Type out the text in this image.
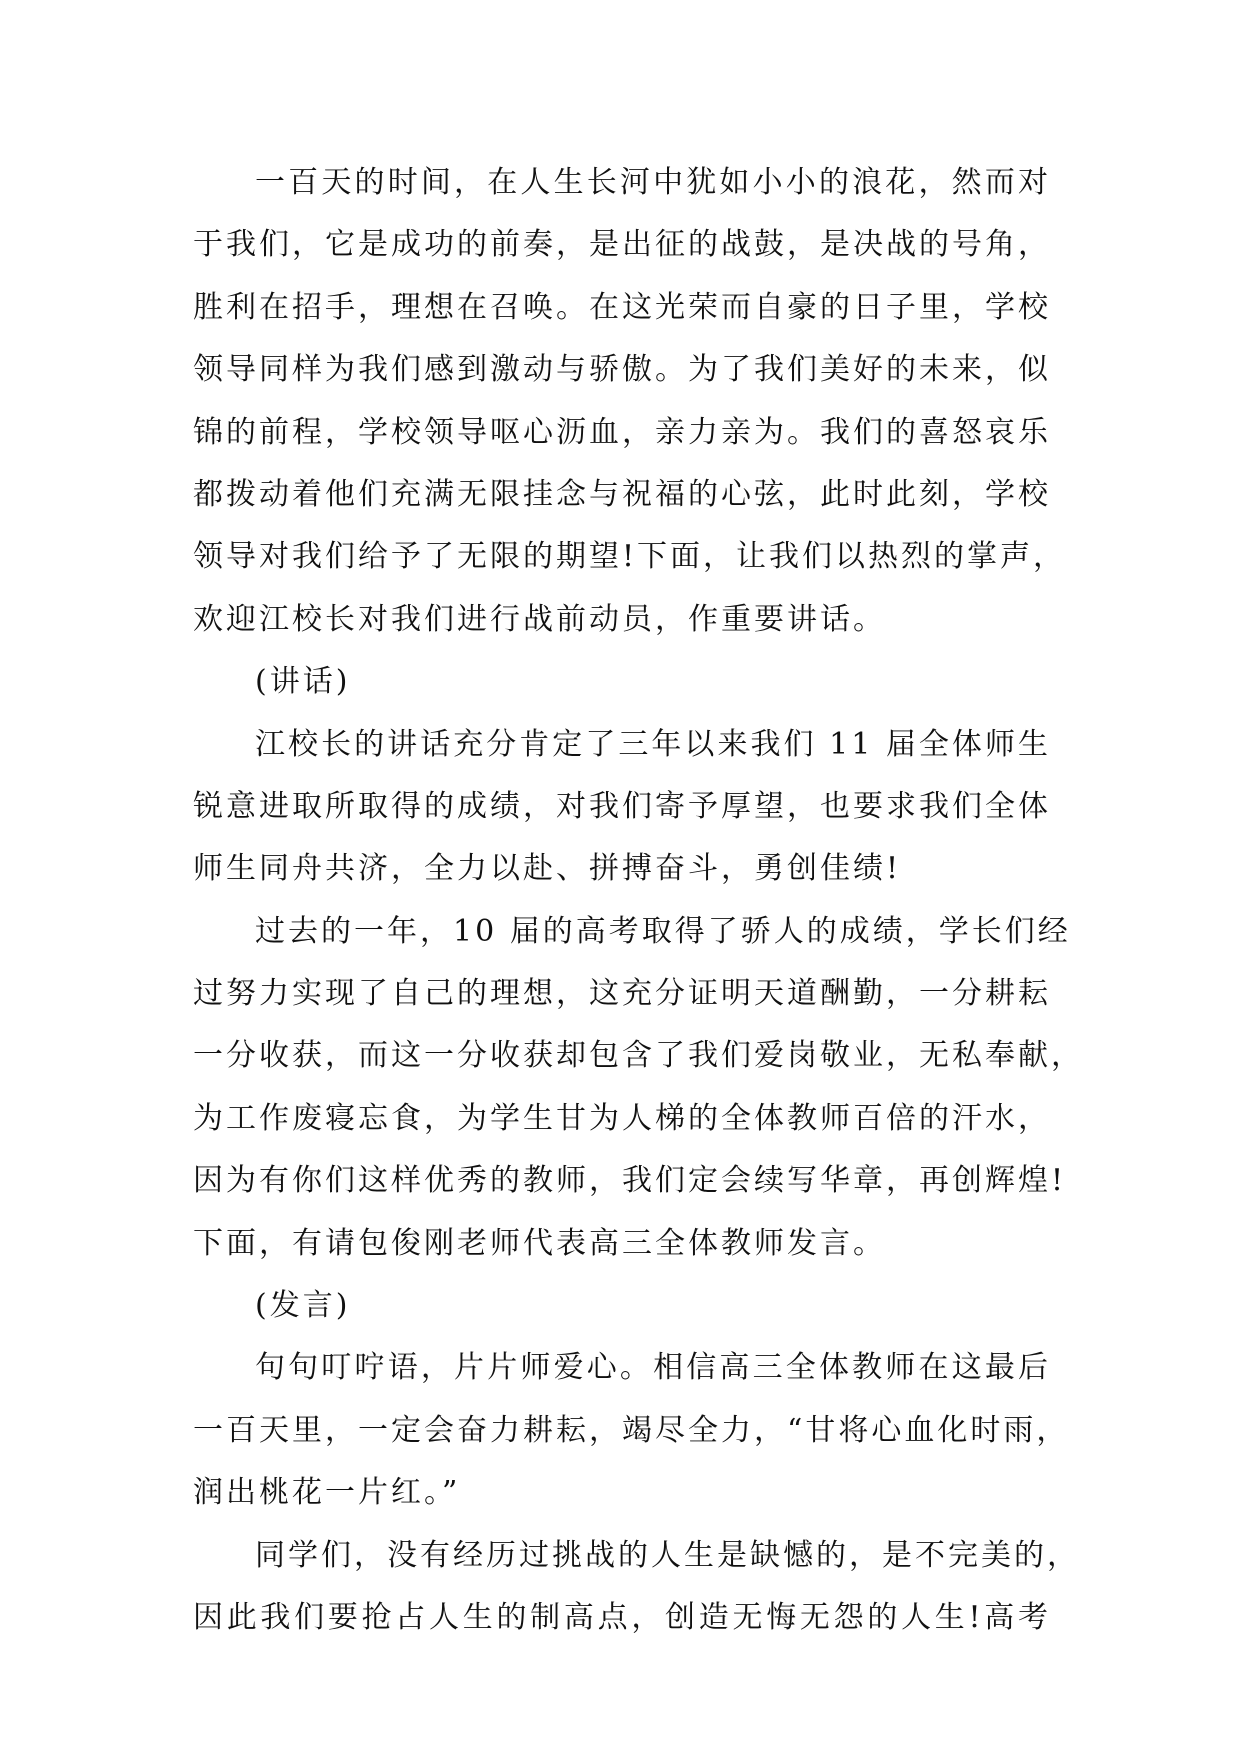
一百天的时间，在人生长河中犹如小小的浪花，然而对
于我们，它是成功的前奏，是出征的战鼓，是决战的号角，
胜利在招手，理想在召唤。在这光荣而自豪的日子里，学校
领导同样为我们感到激动与骄傲。为了我们美好的未来，似
锦的前程，学校领导呕心沥血，亲力亲为。我们的喜怒哀乐
都拨动着他们充满无限挂念与祝福的心弦，此时此刻，学校
领导对我们给予了无限的期望!下面，让我们以热烈的掌声，
欢迎江校长对我们进行战前动员，作重要讲话。
(讲话)
江校长的讲话充分肯定了三年以来我们 11 届全体师生
锐意进取所取得的成绩，对我们寄予厚望，也要求我们全体
师生同舟共济，全力以赴、拼搏奋斗，勇创佳绩!
过去的一年，10 届的高考取得了骄人的成绩，学长们经
过努力实现了自己的理想，这充分证明天道酬勤，一分耕耘
一分收获，而这一分收获却包含了我们爱岗敬业，无私奉献，
为工作废寝忘食，为学生甘为人梯的全体教师百倍的汗水，
因为有你们这样优秀的教师，我们定会续写华章，再创辉煌!
下面，有请包俊刚老师代表高三全体教师发言。
(发言)
句句叮咛语，片片师爱心。相信高三全体教师在这最后
一百天里，一定会奋力耕耘，竭尽全力，“甘将心血化时雨，
润出桃花一片红。”
同学们，没有经历过挑战的人生是缺憾的，是不完美的，
因此我们要抢占人生的制高点，创造无悔无怨的人生!高考
